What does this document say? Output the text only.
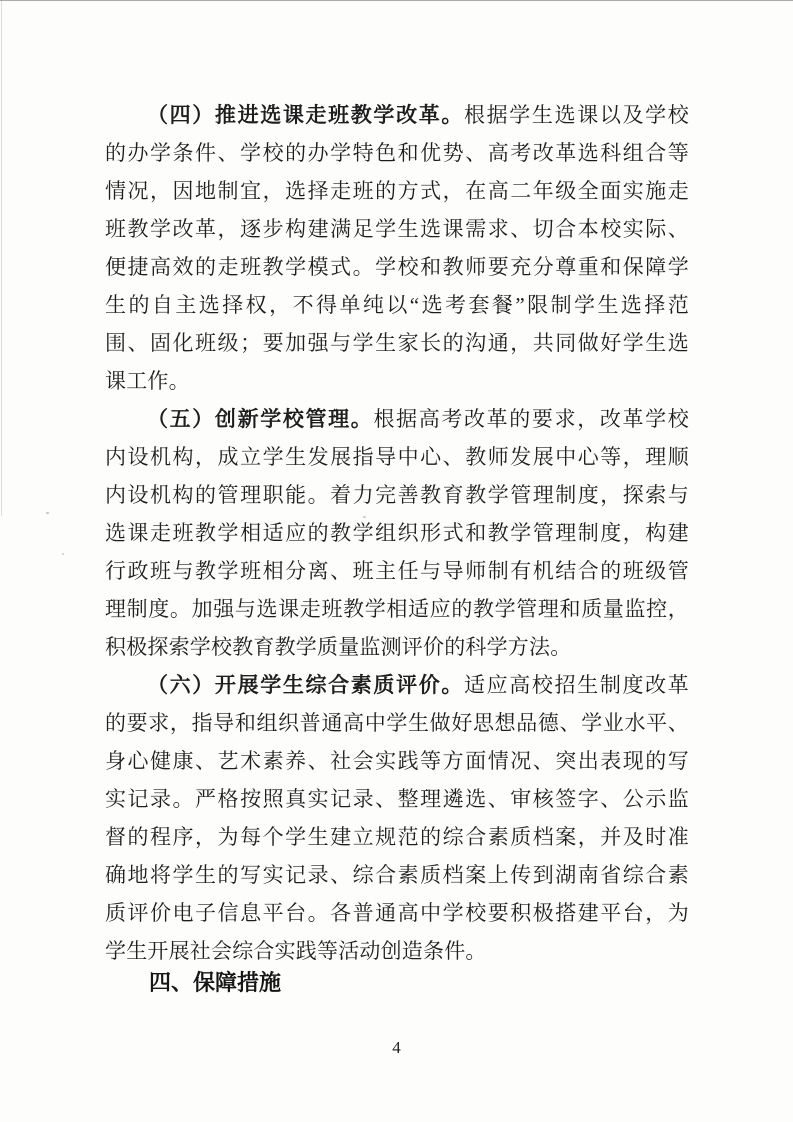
（四）推进选课走班教学改革。根据学生选课以及学校
的办学条件、学校的办学特色和优势、高考改革选科组合等
情况，因地制宜，选择走班的方式，在高二年级全面实施走
班教学改革，逐步构建满足学生选课需求、切合本校实际、
便捷高效的走班教学模式。学校和教师要充分尊重和保障学
生的自主选择权，不得单纯以“选考套餐”限制学生选择范
围、固化班级；要加强与学生家长的沟通，共同做好学生选
课工作。
（五）创新学校管理。根据高考改革的要求，改革学校
内设机构，成立学生发展指导中心、教师发展中心等，理顺
内设机构的管理职能。着力完善教育教学管理制度，探索与
选课走班教学相适应的教学组织形式和教学管理制度，构建
行政班与教学班相分离、班主任与导师制有机结合的班级管
理制度。加强与选课走班教学相适应的教学管理和质量监控，
积极探索学校教育教学质量监测评价的科学方法。
（六）开展学生综合素质评价。适应高校招生制度改革
的要求，指导和组织普通高中学生做好思想品德、学业水平、
身心健康、艺术素养、社会实践等方面情况、突出表现的写
实记录。严格按照真实记录、整理遴选、审核签字、公示监
督的程序，为每个学生建立规范的综合素质档案，并及时准
确地将学生的写实记录、综合素质档案上传到湖南省综合素
质评价电子信息平台。各普通高中学校要积极搭建平台，为
学生开展社会综合实践等活动创造条件。
四、保障措施
4
